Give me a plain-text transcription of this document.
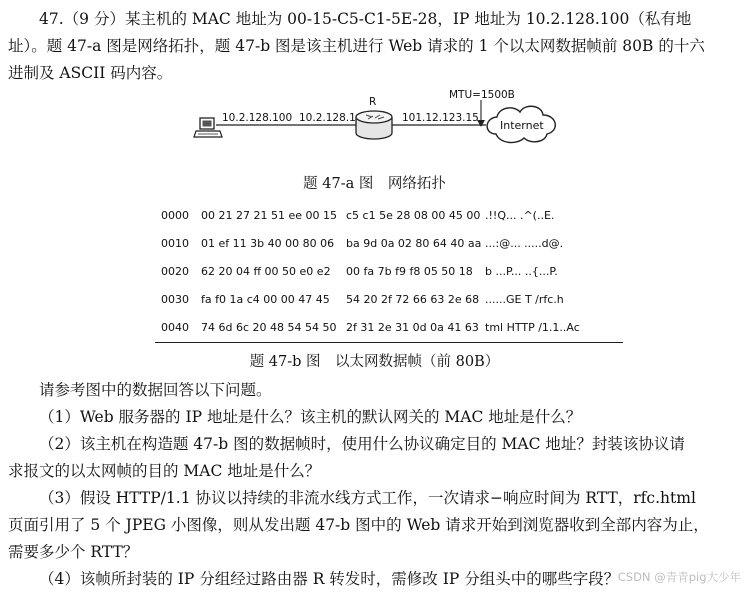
47.（9 分）某主机的 MAC 地址为 00-15-C5-C1-5E-28，IP 地址为 10.2.128.100（私有地
址）。题 47-a 图是网络拓扑，题 47-b 图是该主机进行 Web 请求的 1 个以太网数据帧前 80B 的十六
进制及 ASCII 码内容。
10.2.128.100 10.2.128.1
R
101.12.123.15
MTU=1500B
Internet
题 47-a 图　网络拓扑
0000 00 21 27 21 51 ee 00 15 c5 c1 5e 28 08 00 45 00 .!!Q... .^(..E.
0010 01 ef 11 3b 40 00 80 06 ba 9d 0a 02 80 64 40 aa ...:@... .....d@.
0020 62 20 04 ff 00 50 e0 e2 00 fa 7b f9 f8 05 50 18 b ...P... ..{...P.
0030 fa f0 1a c4 00 00 47 45 54 20 2f 72 66 63 2e 68 ......GE T /rfc.h
0040 74 6d 6c 20 48 54 54 50 2f 31 2e 31 0d 0a 41 63 tml HTTP /1.1..Ac
题 47-b 图　以太网数据帧（前 80B）
请参考图中的数据回答以下问题。
（1）Web 服务器的 IP 地址是什么？该主机的默认网关的 MAC 地址是什么？
（2）该主机在构造题 47-b 图的数据帧时，使用什么协议确定目的 MAC 地址？封装该协议请
求报文的以太网帧的目的 MAC 地址是什么？
（3）假设 HTTP/1.1 协议以持续的非流水线方式工作，一次请求−响应时间为 RTT，rfc.html
页面引用了 5 个 JPEG 小图像，则从发出题 47-b 图中的 Web 请求开始到浏览器收到全部内容为止，
需要多少个 RTT？
（4）该帧所封装的 IP 分组经过路由器 R 转发时，需修改 IP 分组头中的哪些字段？
CSDN @青青pig大少年
